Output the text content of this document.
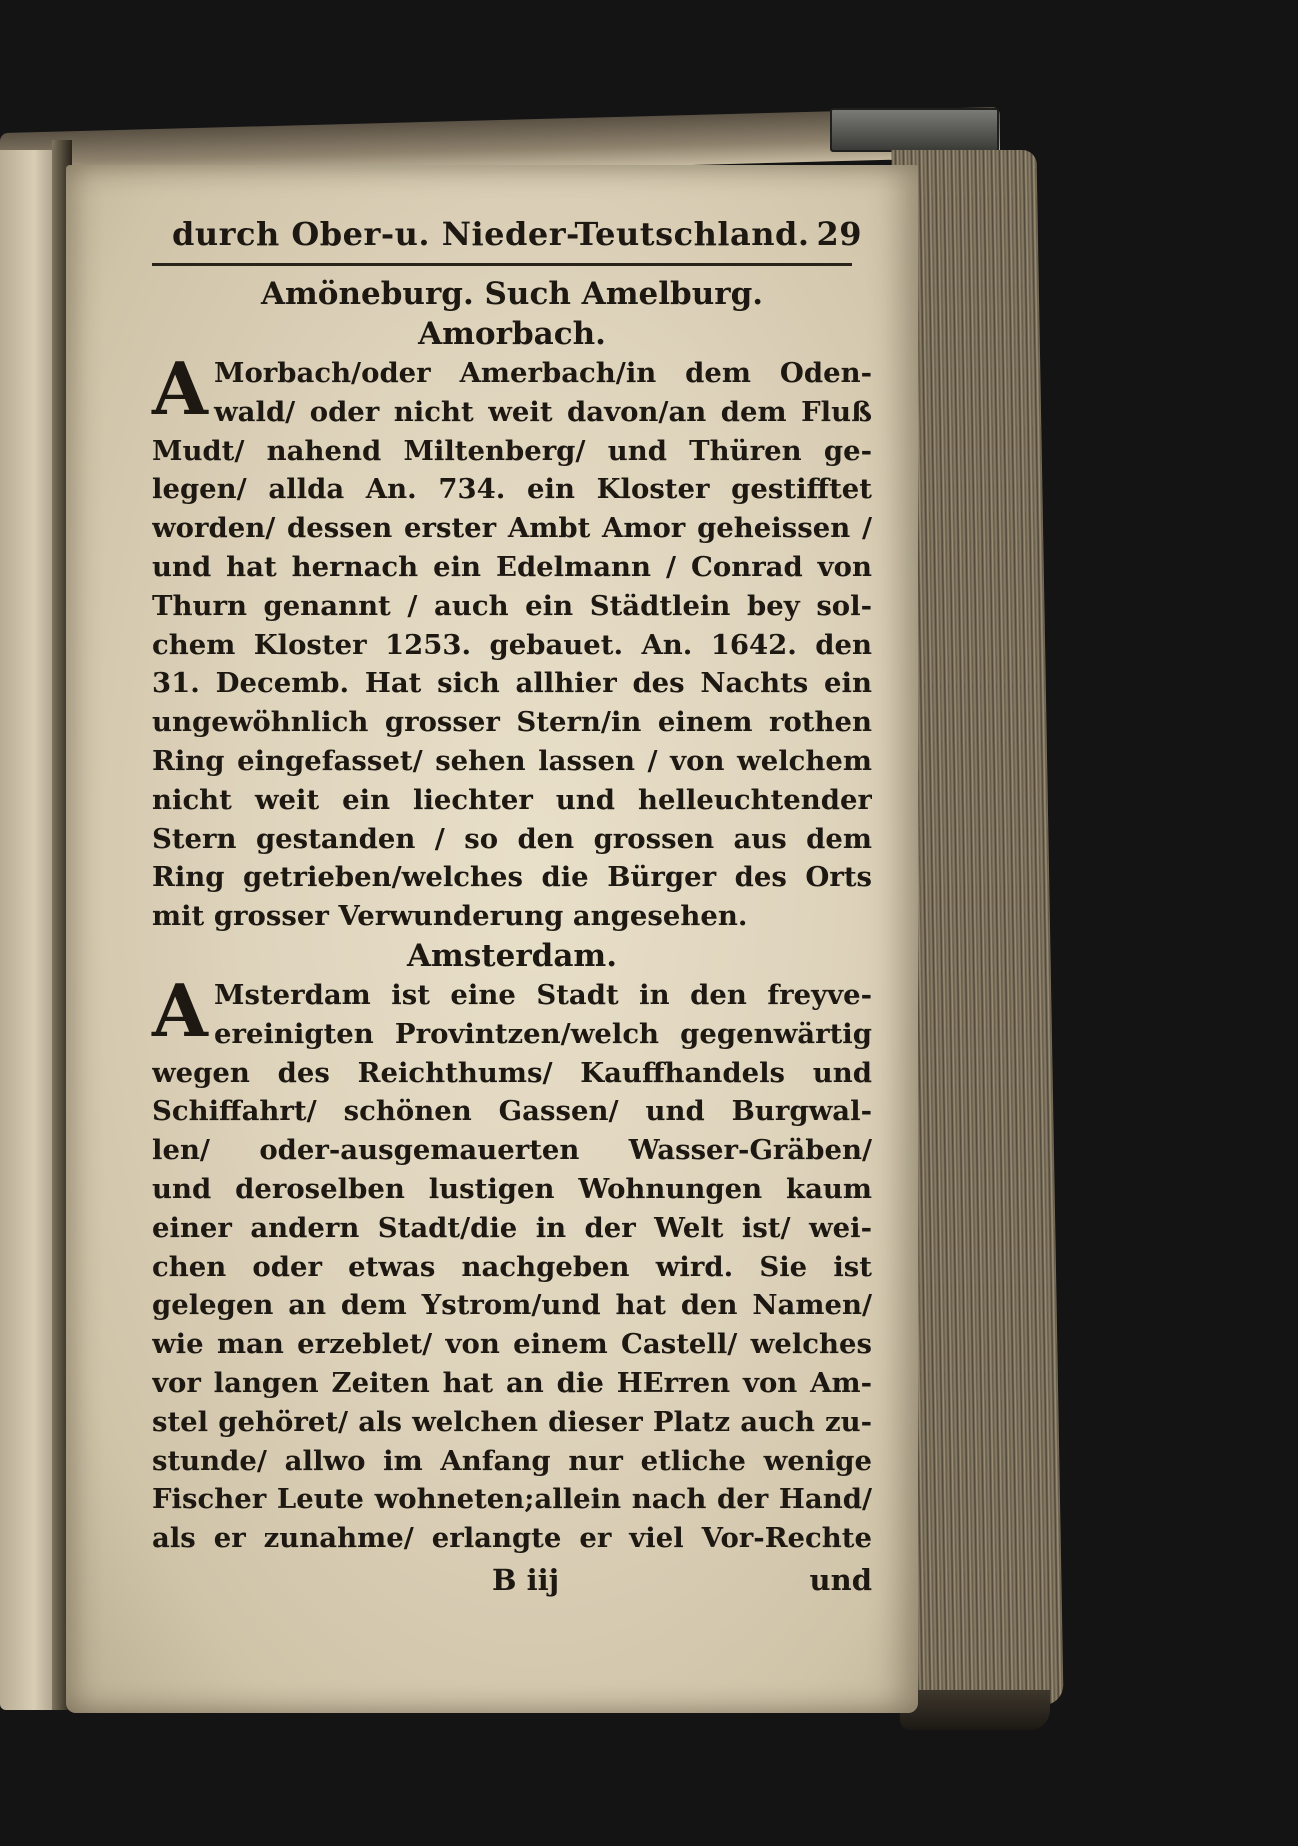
durch Ober-u. Nieder-Teutschland. 29
Amöneburg. Such Amelburg.
Amorbach.
A Morbach/oder Amerbach/in dem Oden-
wald/ oder nicht weit davon/an dem Fluß
Mudt/ nahend Miltenberg/ und Thüren ge-
legen/ allda An. 734. ein Kloster gestifftet
worden/ dessen erster Ambt Amor geheissen /
und hat hernach ein Edelmann / Conrad von
Thurn genannt / auch ein Städtlein bey sol-
chem Kloster 1253. gebauet. An. 1642. den
31. Decemb. Hat sich allhier des Nachts ein
ungewöhnlich grosser Stern/in einem rothen
Ring eingefasset/ sehen lassen / von welchem
nicht weit ein liechter und helleuchtender
Stern gestanden / so den grossen aus dem
Ring getrieben/welches die Bürger des Orts
mit grosser Verwunderung angesehen.
Amsterdam.
A Msterdam ist eine Stadt in den freyve-
ereinigten Provintzen/welch gegenwärtig
wegen des Reichthums/ Kauffhandels und
Schiffahrt/ schönen Gassen/ und Burgwal-
len/ oder-ausgemauerten Wasser-Gräben/
und deroselben lustigen Wohnungen kaum
einer andern Stadt/die in der Welt ist/ wei-
chen oder etwas nachgeben wird. Sie ist
gelegen an dem Ystrom/und hat den Namen/
wie man erzeblet/ von einem Castell/ welches
vor langen Zeiten hat an die HErren von Am-
stel gehöret/ als welchen dieser Platz auch zu-
stunde/ allwo im Anfang nur etliche wenige
Fischer Leute wohneten;allein nach der Hand/
als er zunahme/ erlangte er viel Vor-Rechte
B iij	und
